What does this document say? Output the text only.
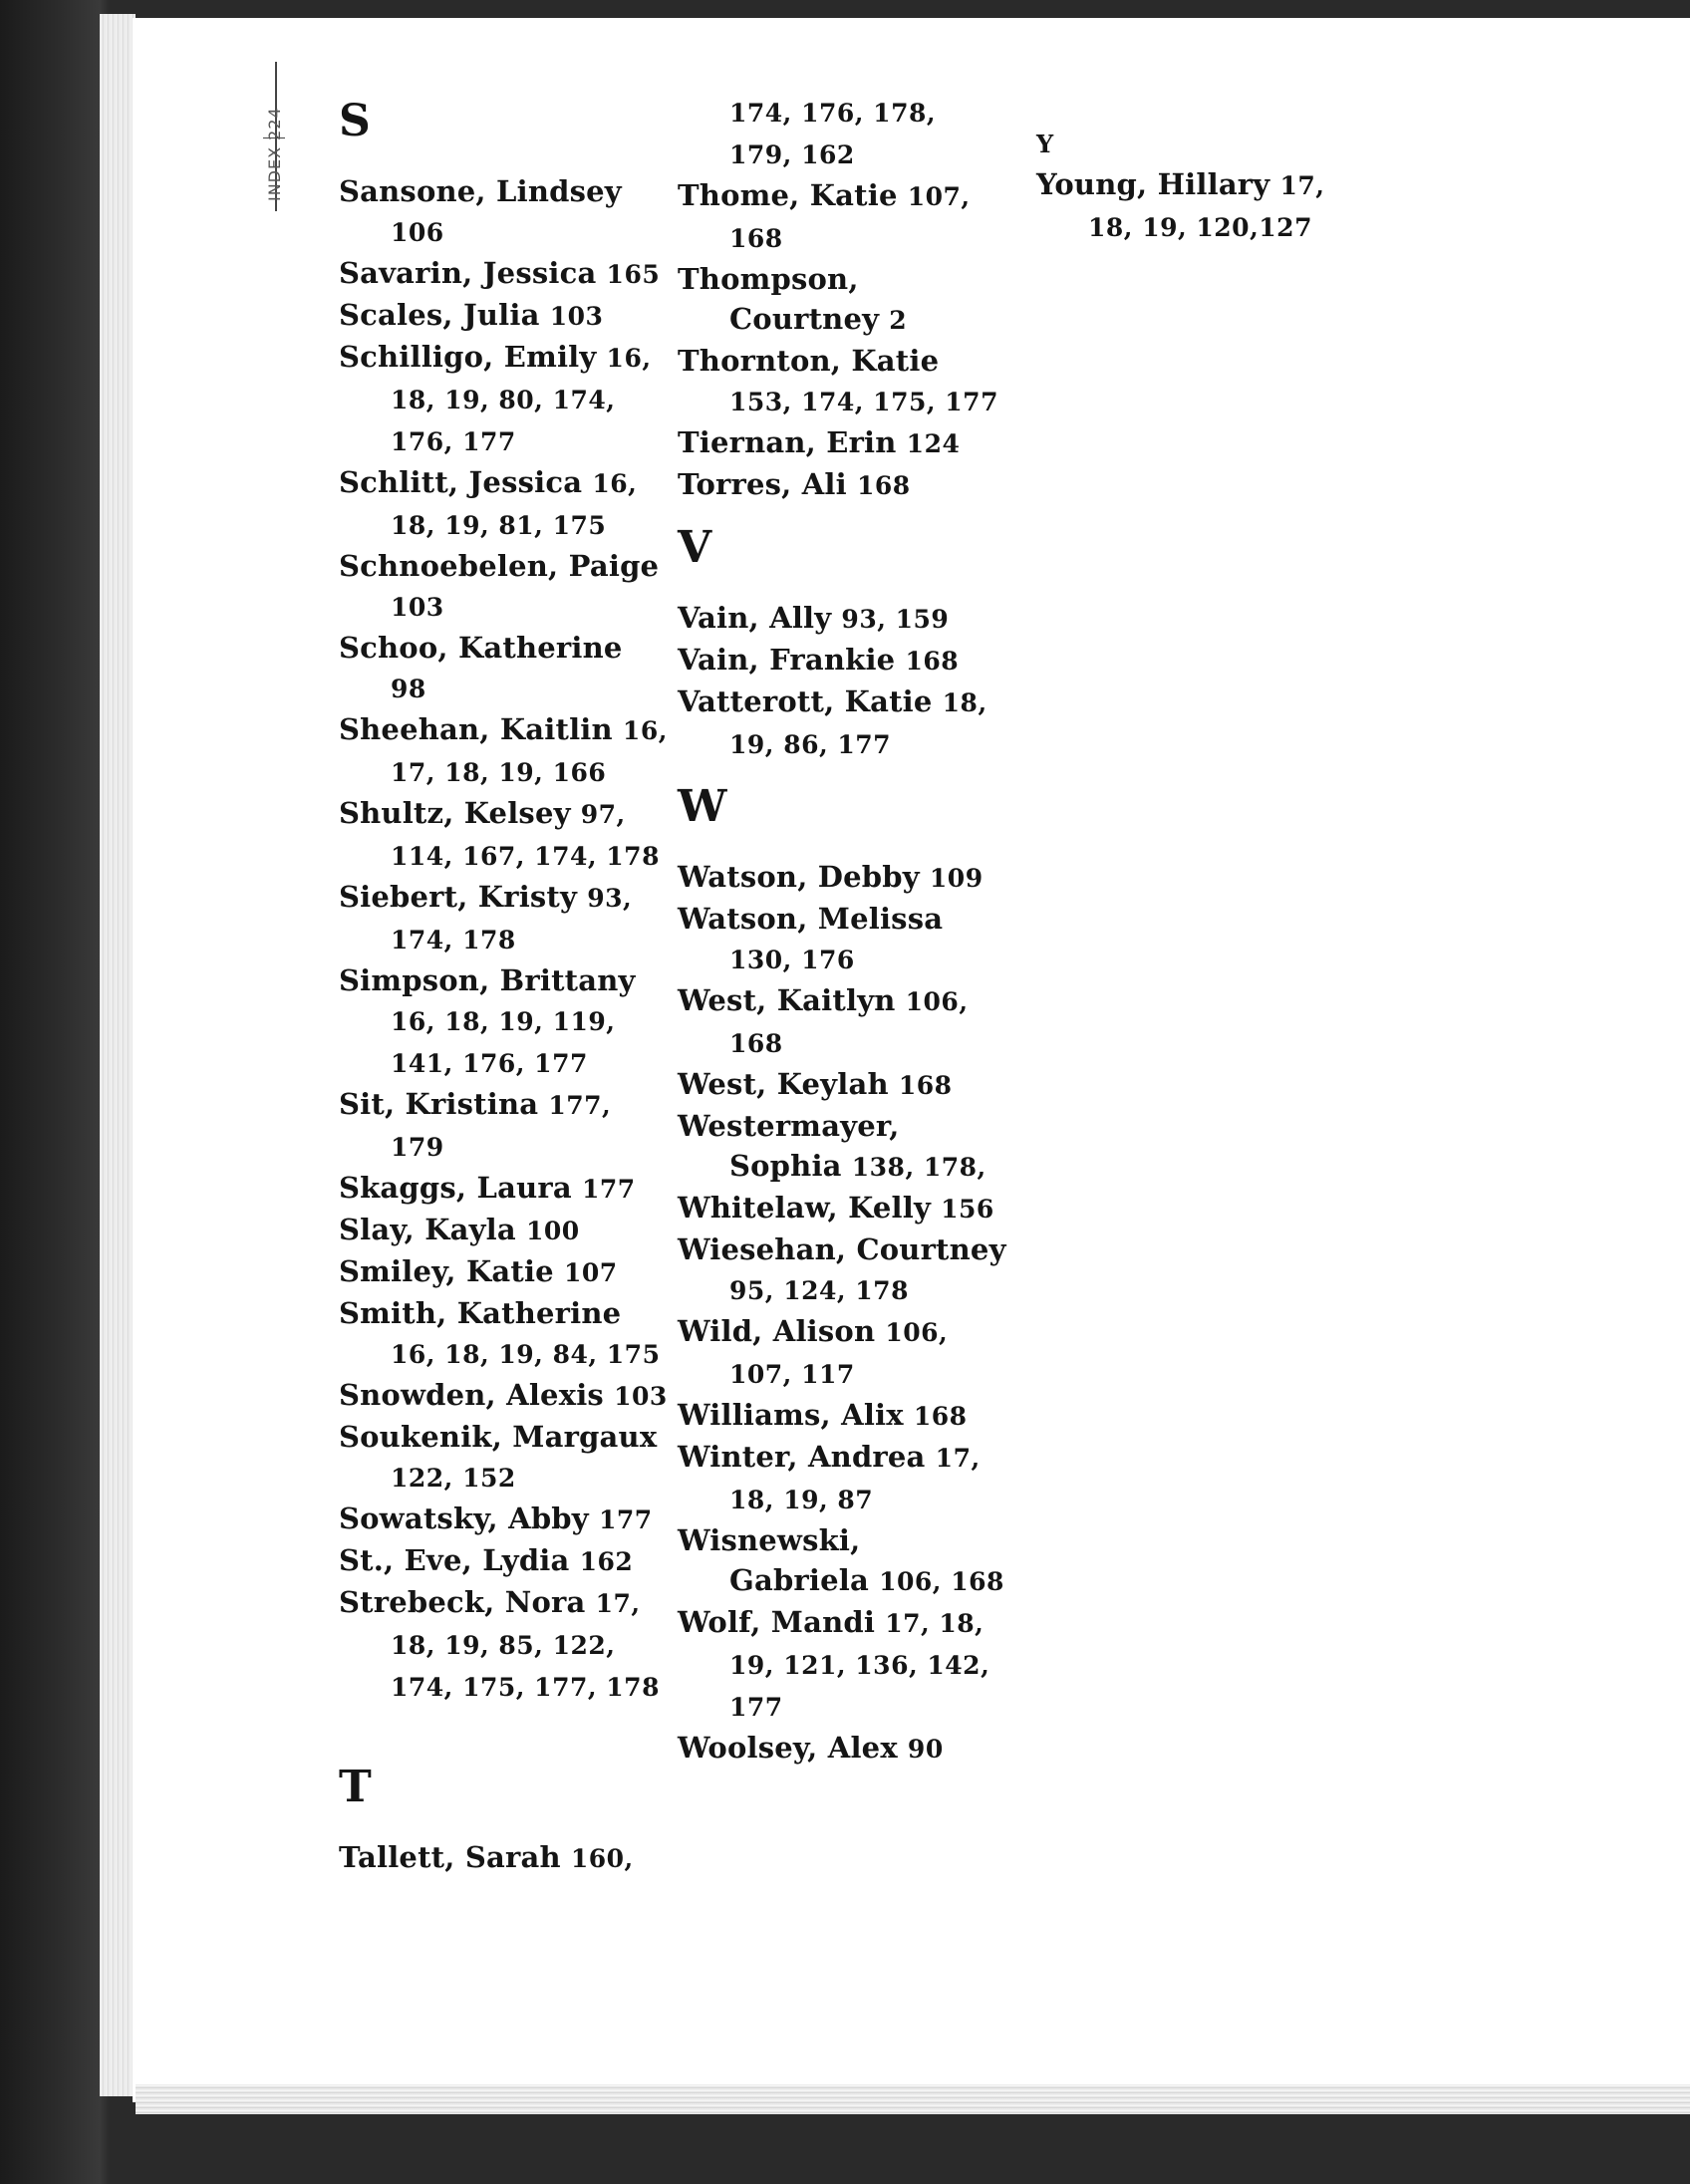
INDEX 224 S
Sansone, Lindsey 106
Savarin, Jessica 165
Scales, Julia 103
Schilligo, Emily 16, 18, 19, 80, 174, 176, 177
Schlitt, Jessica 16, 18, 19, 81, 175
Schnoebelen, Paige 103
Schoo, Katherine 98
Sheehan, Kaitlin 16, 17, 18, 19, 166
Shultz, Kelsey 97, 114, 167, 174, 178
Siebert, Kristy 93, 174, 178
Simpson, Brittany 16, 18, 19, 119, 141, 176, 177
Sit, Kristina 177, 179
Skaggs, Laura 177
Slay, Kayla 100
Smiley, Katie 107
Smith, Katherine 16, 18, 19, 84, 175
Snowden, Alexis 103
Soukenik, Margaux 122, 152
Sowatsky, Abby 177
St., Eve, Lydia 162
Strebeck, Nora 17, 18, 19, 85, 122, 174, 175, 177, 178
T
Tallett, Sarah 160,
174, 176, 178, 179, 162
Thome, Katie 107, 168
Thompson, Courtney 2
Thornton, Katie 153, 174, 175, 177
Tiernan, Erin 124
Torres, Ali 168
V
Vain, Ally 93, 159
Vain, Frankie 168
Vatterott, Katie 18, 19, 86, 177
W
Watson, Debby 109
Watson, Melissa 130, 176
West, Kaitlyn 106, 168
West, Keylah 168
Westermayer, Sophia 138, 178,
Whitelaw, Kelly 156
Wiesehan, Courtney 95, 124, 178
Wild, Alison 106, 107, 117
Williams, Alix 168
Winter, Andrea 17, 18, 19, 87
Wisnewski, Gabriela 106, 168
Wolf, Mandi 17, 18, 19, 121, 136, 142, 177
Woolsey, Alex 90
Y
Young, Hillary 17, 18, 19, 120,127
